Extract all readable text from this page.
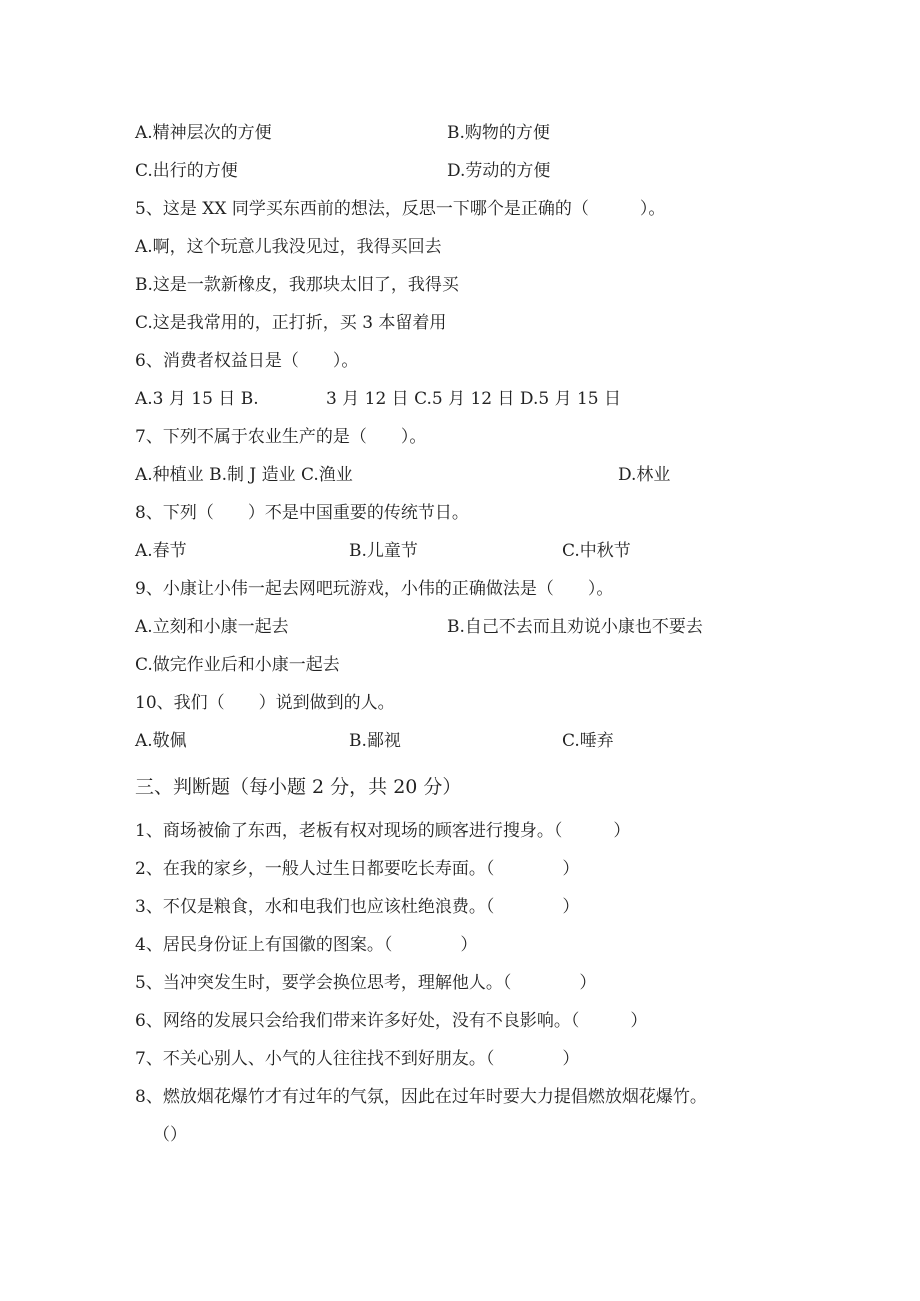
A.精神层次的方便	B.购物的方便
C.出行的方便	D.劳动的方便

5、这是 XX 同学买东西前的想法，反思一下哪个是正确的（　　　）。

A.啊，这个玩意儿我没见过，我得买回去

B.这是一款新橡皮，我那块太旧了，我得买

C.这是我常用的，正打折，买 3 本留着用

6、消费者权益日是（　　）。

A.3 月 15 日 B.	3 月 12 日 C.5 月 12 日 D.5 月 15 日

7、下列不属于农业生产的是（　　）。

A.种植业 B.制 J 造业 C.渔业	D.林业

8、下列（　　）不是中国重要的传统节日。

A.春节	B.儿童节	C.中秋节

9、小康让小伟一起去网吧玩游戏，小伟的正确做法是（　　）。

A.立刻和小康一起去	B.自己不去而且劝说小康也不要去

C.做完作业后和小康一起去

10、我们（　　）说到做到的人。

A.敬佩	B.鄙视	C.唾弃

三、判断题（每小题 2 分，共 20 分）

1、商场被偷了东西，老板有权对现场的顾客进行搜身。（　　　）

2、在我的家乡，一般人过生日都要吃长寿面。（　　　　）

3、不仅是粮食，水和电我们也应该杜绝浪费。（　　　　）

4、居民身份证上有国徽的图案。（　　　　）

5、当冲突发生时，要学会换位思考，理解他人。（　　　　）

6、网络的发展只会给我们带来许多好处，没有不良影响。（　　　）

7、不关心别人、小气的人往往找不到好朋友。（　　　　）

8、燃放烟花爆竹才有过年的气氛，因此在过年时要大力提倡燃放烟花爆竹。

（）
